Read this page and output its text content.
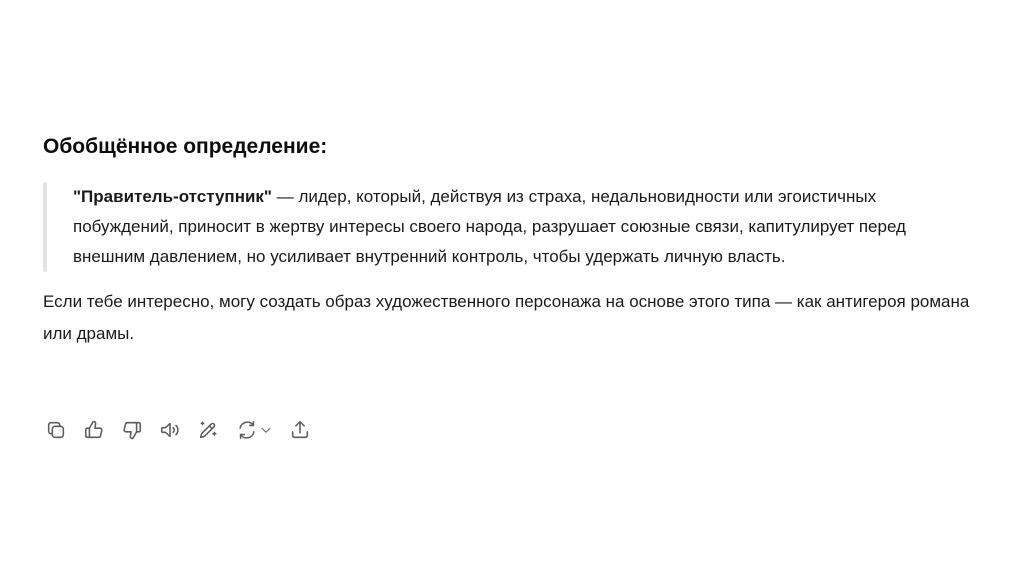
Обобщённое определение:
"Правитель-отступник" — лидер, который, действуя из страха, недальновидности или эгоистичных побуждений, приносит в жертву интересы своего народа, разрушает союзные связи, капитулирует перед внешним давлением, но усиливает внутренний контроль, чтобы удержать личную власть.
Если тебе интересно, могу создать образ художественного персонажа на основе этого типа — как антигероя романа или драмы.
